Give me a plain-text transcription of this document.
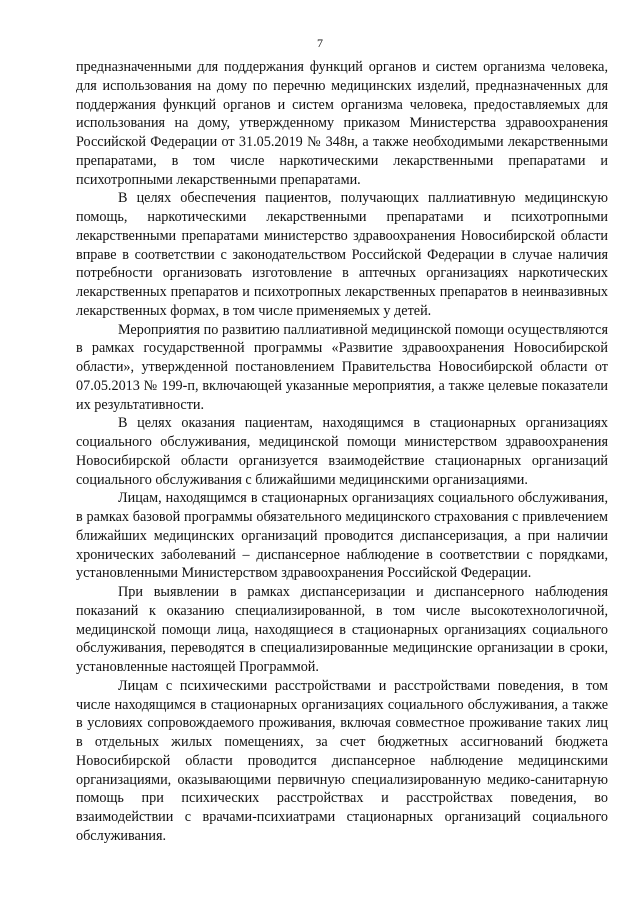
7

предназначенными для поддержания функций органов и систем организма человека, для использования на дому по перечню медицинских изделий, предназначенных для поддержания функций органов и систем организма человека, предоставляемых для использования на дому, утвержденному приказом Министерства здравоохранения Российской Федерации от 31.05.2019 № 348н, а также необходимыми лекарственными препаратами, в том числе наркотическими лекарственными препаратами и психотропными лекарственными препаратами.

В целях обеспечения пациентов, получающих паллиативную медицинскую помощь, наркотическими лекарственными препаратами и психотропными лекарственными препаратами министерство здравоохранения Новосибирской области вправе в соответствии с законодательством Российской Федерации в случае наличия потребности организовать изготовление в аптечных организациях наркотических лекарственных препаратов и психотропных лекарственных препаратов в неинвазивных лекарственных формах, в том числе применяемых у детей.

Мероприятия по развитию паллиативной медицинской помощи осуществляются в рамках государственной программы «Развитие здравоохранения Новосибирской области», утвержденной постановлением Правительства Новосибирской области от 07.05.2013 № 199-п, включающей указанные мероприятия, а также целевые показатели их результативности.

В целях оказания пациентам, находящимся в стационарных организациях социального обслуживания, медицинской помощи министерством здравоохранения Новосибирской области организуется взаимодействие стационарных организаций социального обслуживания с ближайшими медицинскими организациями.

Лицам, находящимся в стационарных организациях социального обслуживания, в рамках базовой программы обязательного медицинского страхования с привлечением ближайших медицинских организаций проводится диспансеризация, а при наличии хронических заболеваний – диспансерное наблюдение в соответствии с порядками, установленными Министерством здравоохранения Российской Федерации.

При выявлении в рамках диспансеризации и диспансерного наблюдения показаний к оказанию специализированной, в том числе высокотехнологичной, медицинской помощи лица, находящиеся в стационарных организациях социального обслуживания, переводятся в специализированные медицинские организации в сроки, установленные настоящей Программой.

Лицам с психическими расстройствами и расстройствами поведения, в том числе находящимся в стационарных организациях социального обслуживания, а также в условиях сопровождаемого проживания, включая совместное проживание таких лиц в отдельных жилых помещениях, за счет бюджетных ассигнований бюджета Новосибирской области проводится диспансерное наблюдение медицинскими организациями, оказывающими первичную специализированную медико-санитарную помощь при психических расстройствах и расстройствах поведения, во взаимодействии с врачами-психиатрами стационарных организаций социального обслуживания.
